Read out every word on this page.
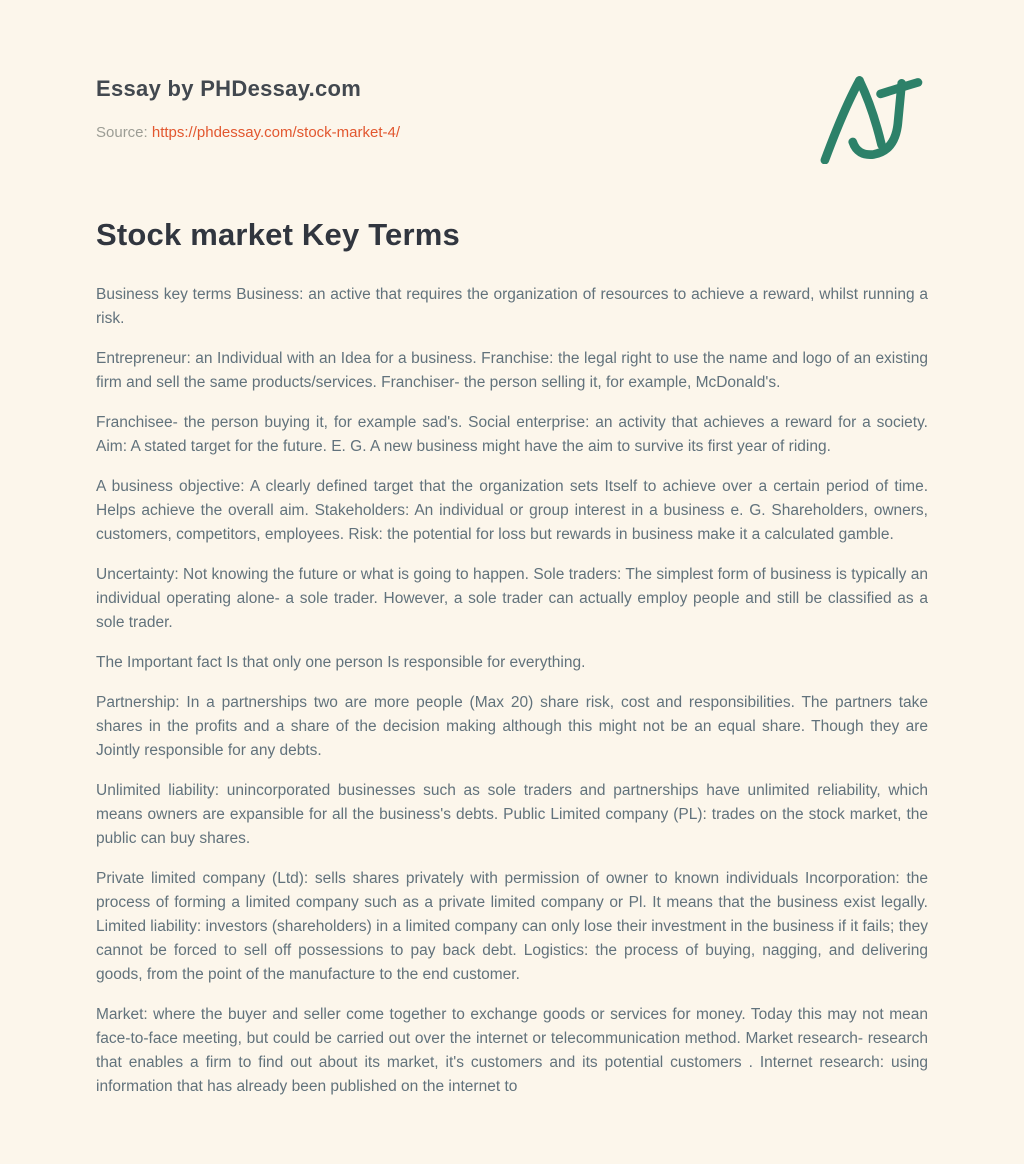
Essay by PHDessay.com
Source: https://phdessay.com/stock-market-4/
Stock market Key Terms

Business key terms Business: an active that requires the organization of resources to achieve a reward, whilst running a risk.

Entrepreneur: an Individual with an Idea for a business. Franchise: the legal right to use the name and logo of an existing firm and sell the same products/services. Franchiser- the person selling it, for example, McDonald's.

Franchisee- the person buying it, for example sad's. Social enterprise: an activity that achieves a reward for a society. Aim: A stated target for the future. E. G. A new business might have the aim to survive its first year of riding.

A business objective: A clearly defined target that the organization sets Itself to achieve over a certain period of time. Helps achieve the overall aim. Stakeholders: An individual or group interest in a business e. G. Shareholders, owners, customers, competitors, employees. Risk: the potential for loss but rewards in business make it a calculated gamble.

Uncertainty: Not knowing the future or what is going to happen. Sole traders: The simplest form of business is typically an individual operating alone- a sole trader. However, a sole trader can actually employ people and still be classified as a sole trader.

The Important fact Is that only one person Is responsible for everything.

Partnership: In a partnerships two are more people (Max 20) share risk, cost and responsibilities. The partners take shares in the profits and a share of the decision making although this might not be an equal share. Though they are Jointly responsible for any debts.

Unlimited liability: unincorporated businesses such as sole traders and partnerships have unlimited reliability, which means owners are expansible for all the business's debts. Public Limited company (PL): trades on the stock market, the public can buy shares.

Private limited company (Ltd): sells shares privately with permission of owner to known individuals Incorporation: the process of forming a limited company such as a private limited company or Pl. It means that the business exist legally. Limited liability: investors (shareholders) in a limited company can only lose their investment in the business if it fails; they cannot be forced to sell off possessions to pay back debt. Logistics: the process of buying, nagging, and delivering goods, from the point of the manufacture to the end customer.

Market: where the buyer and seller come together to exchange goods or services for money. Today this may not mean face-to-face meeting, but could be carried out over the internet or telecommunication method. Market research- research that enables a firm to find out about its market, it's customers and its potential customers . Internet research: using information that has already been published on the internet to
